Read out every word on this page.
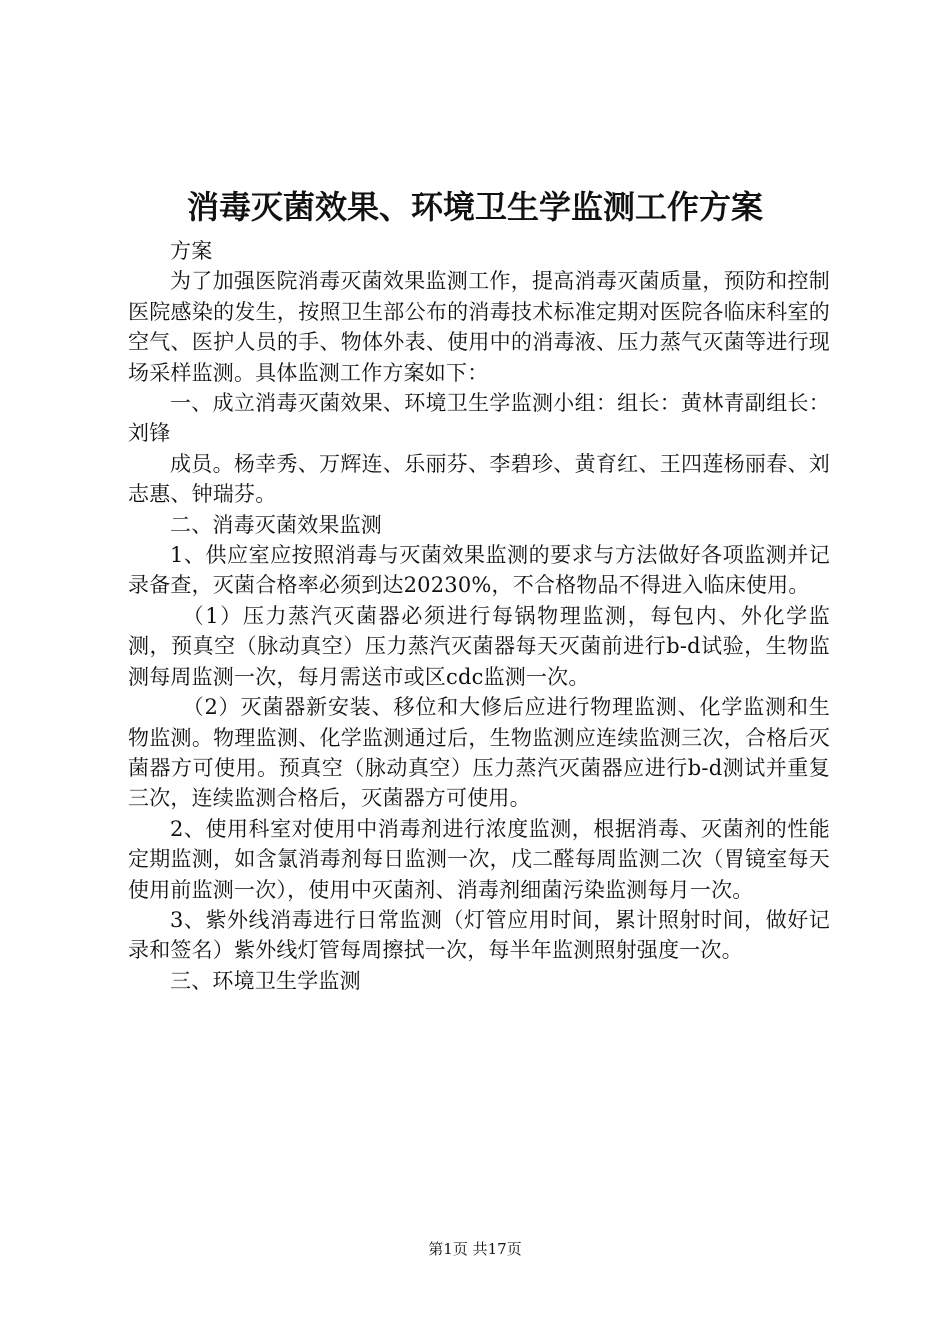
消毒灭菌效果、环境卫生学监测工作方案

方案

为了加强医院消毒灭菌效果监测工作，提高消毒灭菌质量，预防和控制医院感染的发生，按照卫生部公布的消毒技术标准定期对医院各临床科室的空气、医护人员的手、物体外表、使用中的消毒液、压力蒸气灭菌等进行现场采样监测。具体监测工作方案如下：

一、成立消毒灭菌效果、环境卫生学监测小组：组长：黄林青副组长：刘锋

成员。杨幸秀、万辉连、乐丽芬、李碧珍、黄育红、王四莲杨丽春、刘志惠、钟瑞芬。

二、消毒灭菌效果监测

1、供应室应按照消毒与灭菌效果监测的要求与方法做好各项监测并记录备查，灭菌合格率必须到达20230%，不合格物品不得进入临床使用。

（1）压力蒸汽灭菌器必须进行每锅物理监测，每包内、外化学监测，预真空（脉动真空）压力蒸汽灭菌器每天灭菌前进行b-d试验，生物监测每周监测一次，每月需送市或区cdc监测一次。

（2）灭菌器新安装、移位和大修后应进行物理监测、化学监测和生物监测。物理监测、化学监测通过后，生物监测应连续监测三次，合格后灭菌器方可使用。预真空（脉动真空）压力蒸汽灭菌器应进行b-d测试并重复三次，连续监测合格后，灭菌器方可使用。

2、使用科室对使用中消毒剂进行浓度监测，根据消毒、灭菌剂的性能定期监测，如含氯消毒剂每日监测一次，戊二醛每周监测二次（胃镜室每天使用前监测一次），使用中灭菌剂、消毒剂细菌污染监测每月一次。

3、紫外线消毒进行日常监测（灯管应用时间，累计照射时间，做好记录和签名）紫外线灯管每周擦拭一次，每半年监测照射强度一次。

三、环境卫生学监测

第1页 共17页
